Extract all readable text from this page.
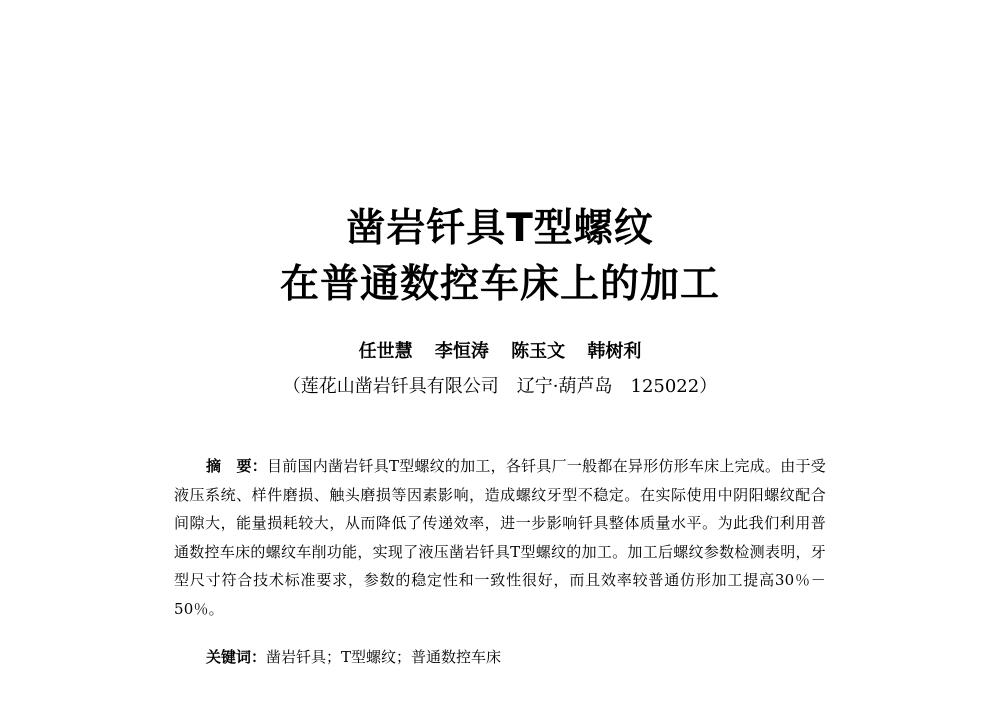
凿岩钎具T型螺纹
在普通数控车床上的加工
任世慧 李恒涛 陈玉文 韩树利
（莲花山凿岩钎具有限公司　辽宁·葫芦岛　125022）

摘　要：目前国内凿岩钎具T型螺纹的加工，各钎具厂一般都在异形仿形车床上完成。由于受液压系统、样件磨损、触头磨损等因素影响，造成螺纹牙型不稳定。在实际使用中阴阳螺纹配合间隙大，能量损耗较大，从而降低了传递效率，进一步影响钎具整体质量水平。为此我们利用普通数控车床的螺纹车削功能，实现了液压凿岩钎具T型螺纹的加工。加工后螺纹参数检测表明，牙型尺寸符合技术标准要求，参数的稳定性和一致性很好，而且效率较普通仿形加工提高30％－50％。

关键词：凿岩钎具；T型螺纹；普通数控车床
